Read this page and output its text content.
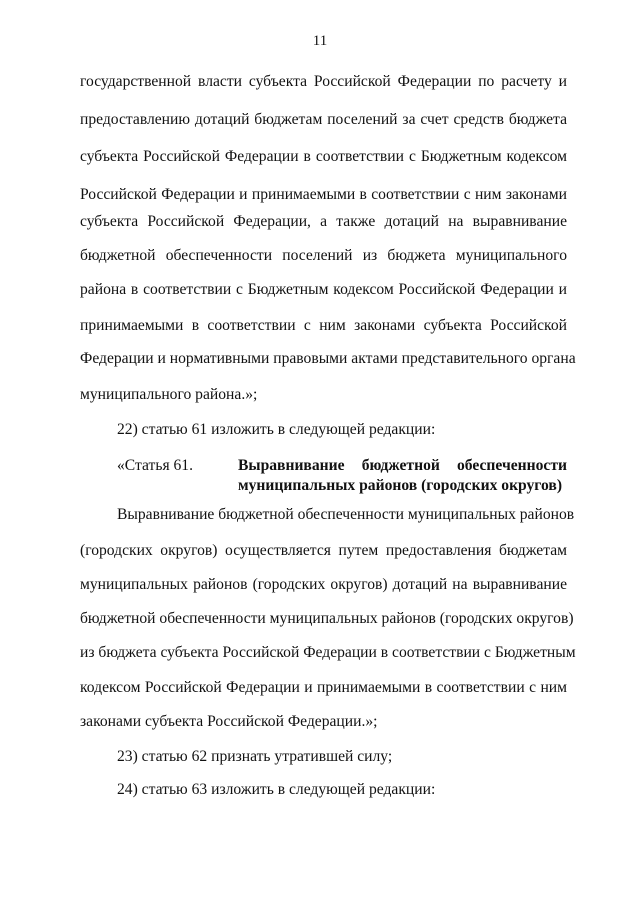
11
государственной власти субъекта Российской Федерации по расчету и
предоставлению дотаций бюджетам поселений за счет средств бюджета
субъекта Российской Федерации в соответствии с Бюджетным кодексом
Российской Федерации и принимаемыми в соответствии с ним законами
субъекта Российской Федерации, а также дотаций на выравнивание
бюджетной обеспеченности поселений из бюджета муниципального
района в соответствии с Бюджетным кодексом Российской Федерации и
принимаемыми в соответствии с ним законами субъекта Российской
Федерации и нормативными правовыми актами представительного органа
муниципального района.»;
22) статью 61 изложить в следующей редакции:
«Статья 61.	Выравнивание бюджетной обеспеченности
муниципальных районов (городских округов)
Выравнивание бюджетной обеспеченности муниципальных районов
(городских округов) осуществляется путем предоставления бюджетам
муниципальных районов (городских округов) дотаций на выравнивание
бюджетной обеспеченности муниципальных районов (городских округов)
из бюджета субъекта Российской Федерации в соответствии с Бюджетным
кодексом Российской Федерации и принимаемыми в соответствии с ним
законами субъекта Российской Федерации.»;
23) статью 62 признать утратившей силу;
24) статью 63 изложить в следующей редакции:
